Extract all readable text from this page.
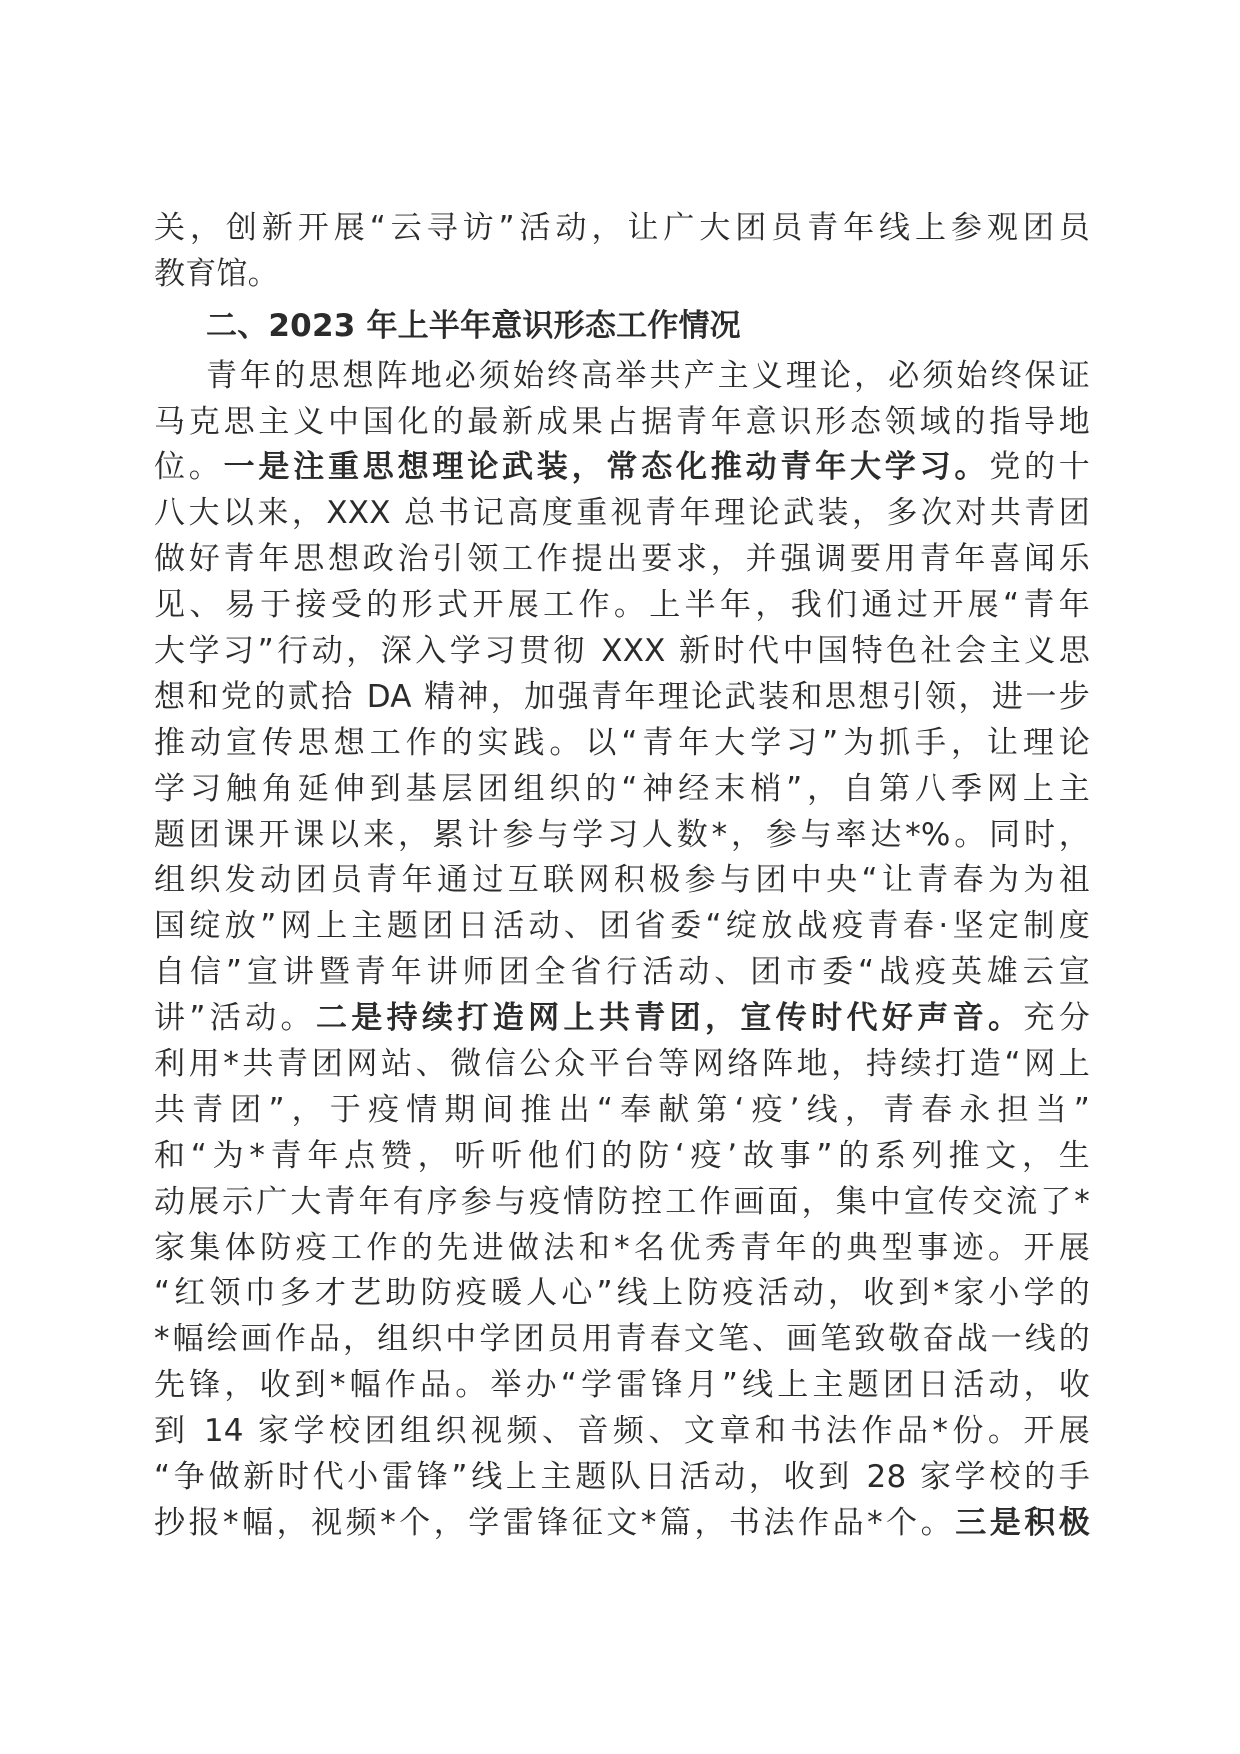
关，创新开展“云寻访”活动，让广大团员青年线上参观团员
教育馆。
二、2023 年上半年意识形态工作情况
青年的思想阵地必须始终高举共产主义理论，必须始终保证
马克思主义中国化的最新成果占据青年意识形态领域的指导地
位。一是注重思想理论武装，常态化推动青年大学习。党的十
八大以来，XXX 总书记高度重视青年理论武装，多次对共青团
做好青年思想政治引领工作提出要求，并强调要用青年喜闻乐
见、易于接受的形式开展工作。上半年，我们通过开展“青年
大学习”行动，深入学习贯彻 XXX 新时代中国特色社会主义思
想和党的贰拾 DA 精神，加强青年理论武装和思想引领，进一步
推动宣传思想工作的实践。以“青年大学习”为抓手，让理论
学习触角延伸到基层团组织的“神经末梢”，自第八季网上主
题团课开课以来，累计参与学习人数*，参与率达*%。同时，
组织发动团员青年通过互联网积极参与团中央“让青春为为祖
国绽放”网上主题团日活动、团省委“绽放战疫青春·坚定制度
自信”宣讲暨青年讲师团全省行活动、团市委“战疫英雄云宣
讲”活动。二是持续打造网上共青团，宣传时代好声音。充分
利用*共青团网站、微信公众平台等网络阵地，持续打造“网上
共青团”，于疫情期间推出“奉献第‘疫’线，青春永担当”
和“为*青年点赞，听听他们的防‘疫’故事”的系列推文，生
动展示广大青年有序参与疫情防控工作画面，集中宣传交流了*
家集体防疫工作的先进做法和*名优秀青年的典型事迹。开展
“红领巾多才艺助防疫暖人心”线上防疫活动，收到*家小学的
*幅绘画作品，组织中学团员用青春文笔、画笔致敬奋战一线的
先锋，收到*幅作品。举办“学雷锋月”线上主题团日活动，收
到 14 家学校团组织视频、音频、文章和书法作品*份。开展
“争做新时代小雷锋”线上主题队日活动，收到 28 家学校的手
抄报*幅，视频*个，学雷锋征文*篇，书法作品*个。三是积极
